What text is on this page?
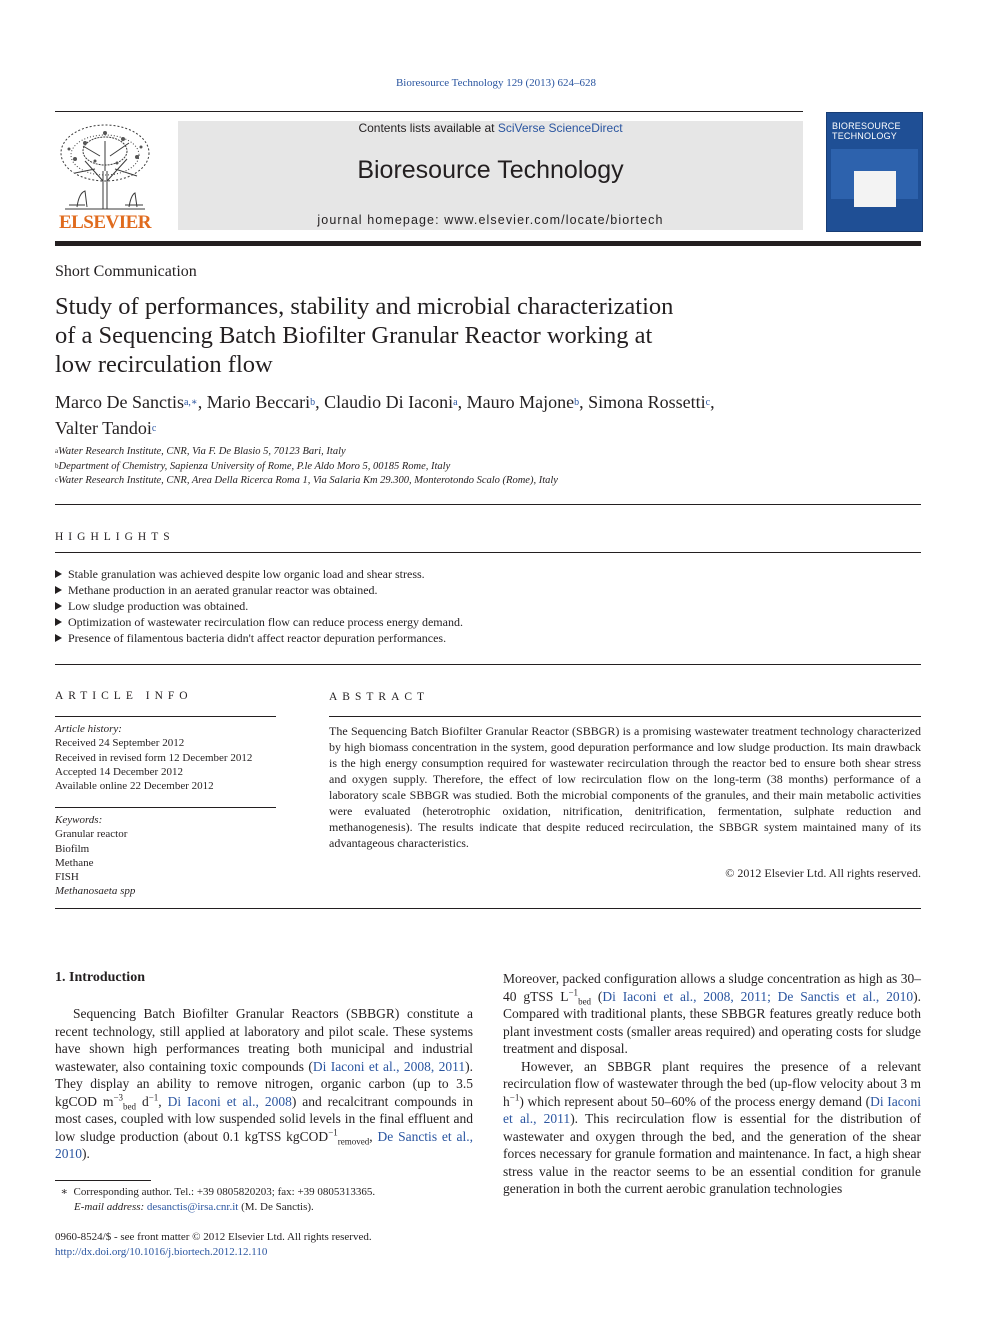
Bioresource Technology 129 (2013) 624–628
ELSEVIER
Contents lists available at SciVerse ScienceDirect
Bioresource Technology
journal homepage: www.elsevier.com/locate/biortech
BIORESOURCE TECHNOLOGY
Short Communication
Study of performances, stability and microbial characterization
of a Sequencing Batch Biofilter Granular Reactor working at
low recirculation flow
Marco De Sanctis$^{a,∗}$, Mario Beccari$^b$, Claudio Di Iaconi$^a$, Mauro Majone$^b$, Simona Rossetti$^c$,
Valter Tandoi$^c$
$^a$Water Research Institute, CNR, Via F. De Blasio 5, 70123 Bari, Italy
$^b$Department of Chemistry, Sapienza University of Rome, P.le Aldo Moro 5, 00185 Rome, Italy
$^c$Water Research Institute, CNR, Area Della Ricerca Roma 1, Via Salaria Km 29.300, Monterotondo Scalo (Rome), Italy
HIGHLIGHTS
Stable granulation was achieved despite low organic load and shear stress.
Methane production in an aerated granular reactor was obtained.
Low sludge production was obtained.
Optimization of wastewater recirculation flow can reduce process energy demand.
Presence of filamentous bacteria didn't affect reactor depuration performances.
ARTICLE INFO
Article history:
Received 24 September 2012
Received in revised form 12 December 2012
Accepted 14 December 2012
Available online 22 December 2012
Keywords:
Granular reactor
Biofilm
Methane
FISH
Methanosaeta spp
ABSTRACT
The Sequencing Batch Biofilter Granular Reactor (SBBGR) is a promising wastewater treatment technology characterized by high biomass concentration in the system, good depuration performance and low sludge production. Its main drawback is the high energy consumption required for wastewater recirculation through the reactor bed to ensure both shear stress and oxygen supply. Therefore, the effect of low recirculation flow on the long-term (38 months) performance of a laboratory scale SBBGR was studied. Both the microbial components of the granules, and their main metabolic activities were evaluated (heterotrophic oxidation, nitrification, denitrification, fermentation, sulphate reduction and methanogenesis). The results indicate that despite reduced recirculation, the SBBGR system maintained many of its advantageous characteristics.
© 2012 Elsevier Ltd. All rights reserved.
1. Introduction

Sequencing Batch Biofilter Granular Reactors (SBBGR) constitute a recent technology, still applied at laboratory and pilot scale. These systems have shown high performances treating both municipal and industrial wastewater, also containing toxic compounds (Di Iaconi et al., 2008, 2011). They display an ability to remove nitrogen, organic carbon (up to 3.5 kgCOD $m^{-3}_{bed}$ $d^{-1}$, Di Iaconi et al., 2008) and recalcitrant compounds in most cases, coupled with low suspended solid levels in the final effluent and low sludge production (about 0.1 kgTSS kgCOD$^{-1}_{removed}$, De Sanctis et al., 2010).

Moreover, packed configuration allows a sludge concentration as high as 30–40 gTSS $L^{-1}_{bed}$ (Di Iaconi et al., 2008, 2011; De Sanctis et al., 2010). Compared with traditional plants, these SBBGR features greatly reduce both plant investment costs (smaller areas required) and operating costs for sludge treatment and disposal.

However, an SBBGR plant requires the presence of a relevant recirculation flow of wastewater through the bed (up-flow velocity about 3 m $h^{-1}$) which represent about 50–60% of the process energy demand (Di Iaconi et al., 2011). This recirculation flow is essential for the distribution of wastewater and oxygen through the bed, and the generation of the shear forces necessary for granule formation and maintenance. In fact, a high shear stress value in the reactor seems to be an essential condition for granule generation in both the current aerobic granulation technologies

∗ Corresponding author. Tel.: +39 0805820203; fax: +39 0805313365.
E-mail address: desanctis@irsa.cnr.it (M. De Sanctis).
0960-8524/$ - see front matter © 2012 Elsevier Ltd. All rights reserved.
http://dx.doi.org/10.1016/j.biortech.2012.12.110
